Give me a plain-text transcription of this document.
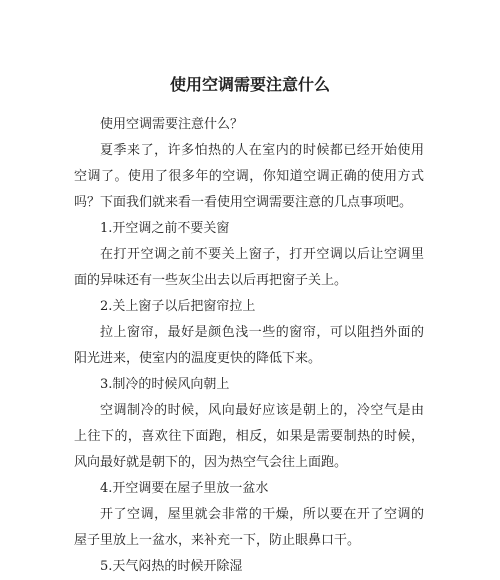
使用空调需要注意什么

使用空调需要注意什么？

夏季来了，许多怕热的人在室内的时候都已经开始使用空调了。使用了很多年的空调，你知道空调正确的使用方式吗？下面我们就来看一看使用空调需要注意的几点事项吧。

1.开空调之前不要关窗

在打开空调之前不要关上窗子，打开空调以后让空调里面的异味还有一些灰尘出去以后再把窗子关上。

2.关上窗子以后把窗帘拉上

拉上窗帘，最好是颜色浅一些的窗帘，可以阻挡外面的阳光进来，使室内的温度更快的降低下来。

3.制冷的时候风向朝上

空调制冷的时候，风向最好应该是朝上的，冷空气是由上往下的，喜欢往下面跑，相反，如果是需要制热的时候，风向最好就是朝下的，因为热空气会往上面跑。

4.开空调要在屋子里放一盆水

开了空调，屋里就会非常的干燥，所以要在开了空调的屋子里放上一盆水，来补充一下，防止眼鼻口干。

5.天气闷热的时候开除湿
